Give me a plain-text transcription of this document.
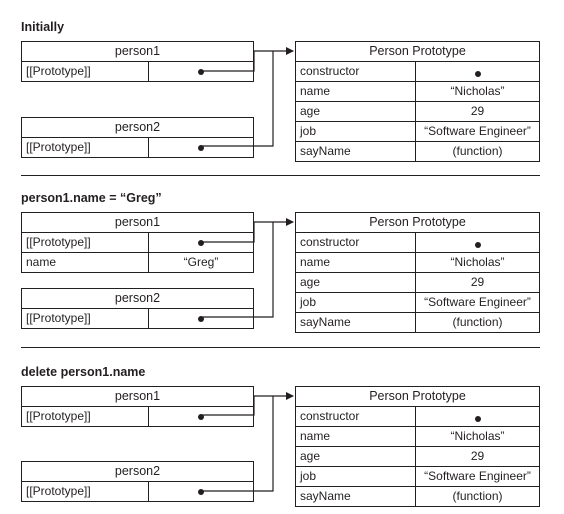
Initially
person1
[[Prototype]]
person2
[[Prototype]]
Person Prototype
constructor
name	“Nicholas”
age	29
job	“Software Engineer”
sayName	(function)
person1.name = “Greg”
person1
[[Prototype]]
name	“Greg”
person2
[[Prototype]]
Person Prototype
constructor
name	“Nicholas”
age	29
job	“Software Engineer”
sayName	(function)
delete person1.name
person1
[[Prototype]]
person2
[[Prototype]]
Person Prototype
constructor
name	“Nicholas”
age	29
job	“Software Engineer”
sayName	(function)
